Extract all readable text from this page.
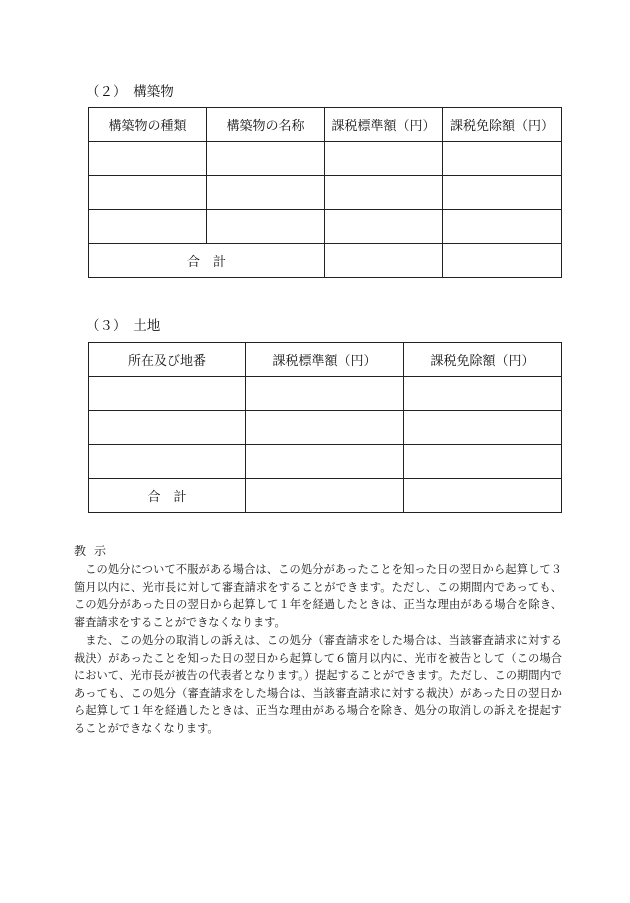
（２）　構築物
構築物の種類	構築物の名称	課税標準額（円）	課税免除額（円）

合　計			
（３）　土地
所在及び地番	課税標準額（円）	課税免除額（円）

合　計		
教示

この処分について不服がある場合は、この処分があったことを知った日の翌日から起算して３箇月以内に、光市長に対して審査請求をすることができます。ただし、この期間内であっても、この処分があった日の翌日から起算して１年を経過したときは、正当な理由がある場合を除き、審査請求をすることができなくなります。

また、この処分の取消しの訴えは、この処分（審査請求をした場合は、当該審査請求に対する裁決）があったことを知った日の翌日から起算して６箇月以内に、光市を被告として（この場合において、光市長が被告の代表者となります。）提起することができます。ただし、この期間内であっても、この処分（審査請求をした場合は、当該審査請求に対する裁決）があった日の翌日から起算して１年を経過したときは、正当な理由がある場合を除き、処分の取消しの訴えを提起することができなくなります。
